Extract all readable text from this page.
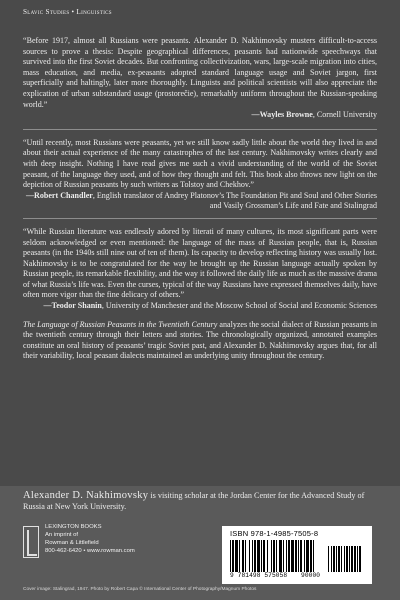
Slavic Studies • Linguistics

“Before 1917, almost all Russians were peasants. Alexander D. Nakhimovsky musters difficult-to-access sources to prove a thesis: Despite geographical differences, peasants had nationwide speechways that survived into the first Soviet decades. But confronting collectivization, wars, large-scale migration into cities, mass education, and media, ex-peasants adopted standard language usage and Soviet jargon, first superficially and haltingly, later more thoroughly. Linguists and political scientists will also appreciate the explication of urban substandard usage (prostorečie), remarkably uniform throughout the Russian-speaking world.”

—Wayles Browne, Cornell University

“Until recently, most Russians were peasants, yet we still know sadly little about the world they lived in and about their actual experience of the many catastrophes of the last century. Nakhimovsky writes clearly and with deep insight. Nothing I have read gives me such a vivid understanding of the world of the Soviet peasant, of the language they used, and of how they thought and felt. This book also throws new light on the depiction of Russian peasants by such writers as Tolstoy and Chekhov.”

—Robert Chandler, English translator of Andrey Platonov’s The Foundation Pit and Soul and Other Stories and Vasily Grossman’s Life and Fate and Stalingrad

“While Russian literature was endlessly adored by literati of many cultures, its most significant parts were seldom acknowledged or even mentioned: the language of the mass of Russian people, that is, Russian peasants (in the 1940s still nine out of ten of them). Its capacity to develop reflecting history was usually lost. Nakhimovsky is to be congratulated for the way he brought up the Russian language actually spoken by Russian people, its remarkable flexibility, and the way it followed the daily life as much as the massive drama of what Russia’s life was. Even the curses, typical of the way Russians have expressed themselves daily, have often more vigor than the fine delicacy of others.”

—Teodor Shanin, University of Manchester and the Moscow School of Social and Economic Sciences

The Language of Russian Peasants in the Twentieth Century analyzes the social dialect of Russian peasants in the twentieth century through their letters and stories. The chronologically organized, annotated examples constitute an oral history of peasants’ tragic Soviet past, and Alexander D. Nakhimovsky argues that, for all their variability, local peasant dialects maintained an underlying unity throughout the century.
Alexander D. Nakhimovsky is visiting scholar at the Jordan Center for the Advanced Study of Russia at New York University.
LEXINGTON BOOKS
An imprint of
Rowman & Littlefield
800-462-6420 • www.rowman.com
ISBN 978-1-4985-7505-8
9 781498 575058 90000
Cover image: Stalingrad, 1947. Photo by Robert Capa © International Center of Photography/Magnum Photos
